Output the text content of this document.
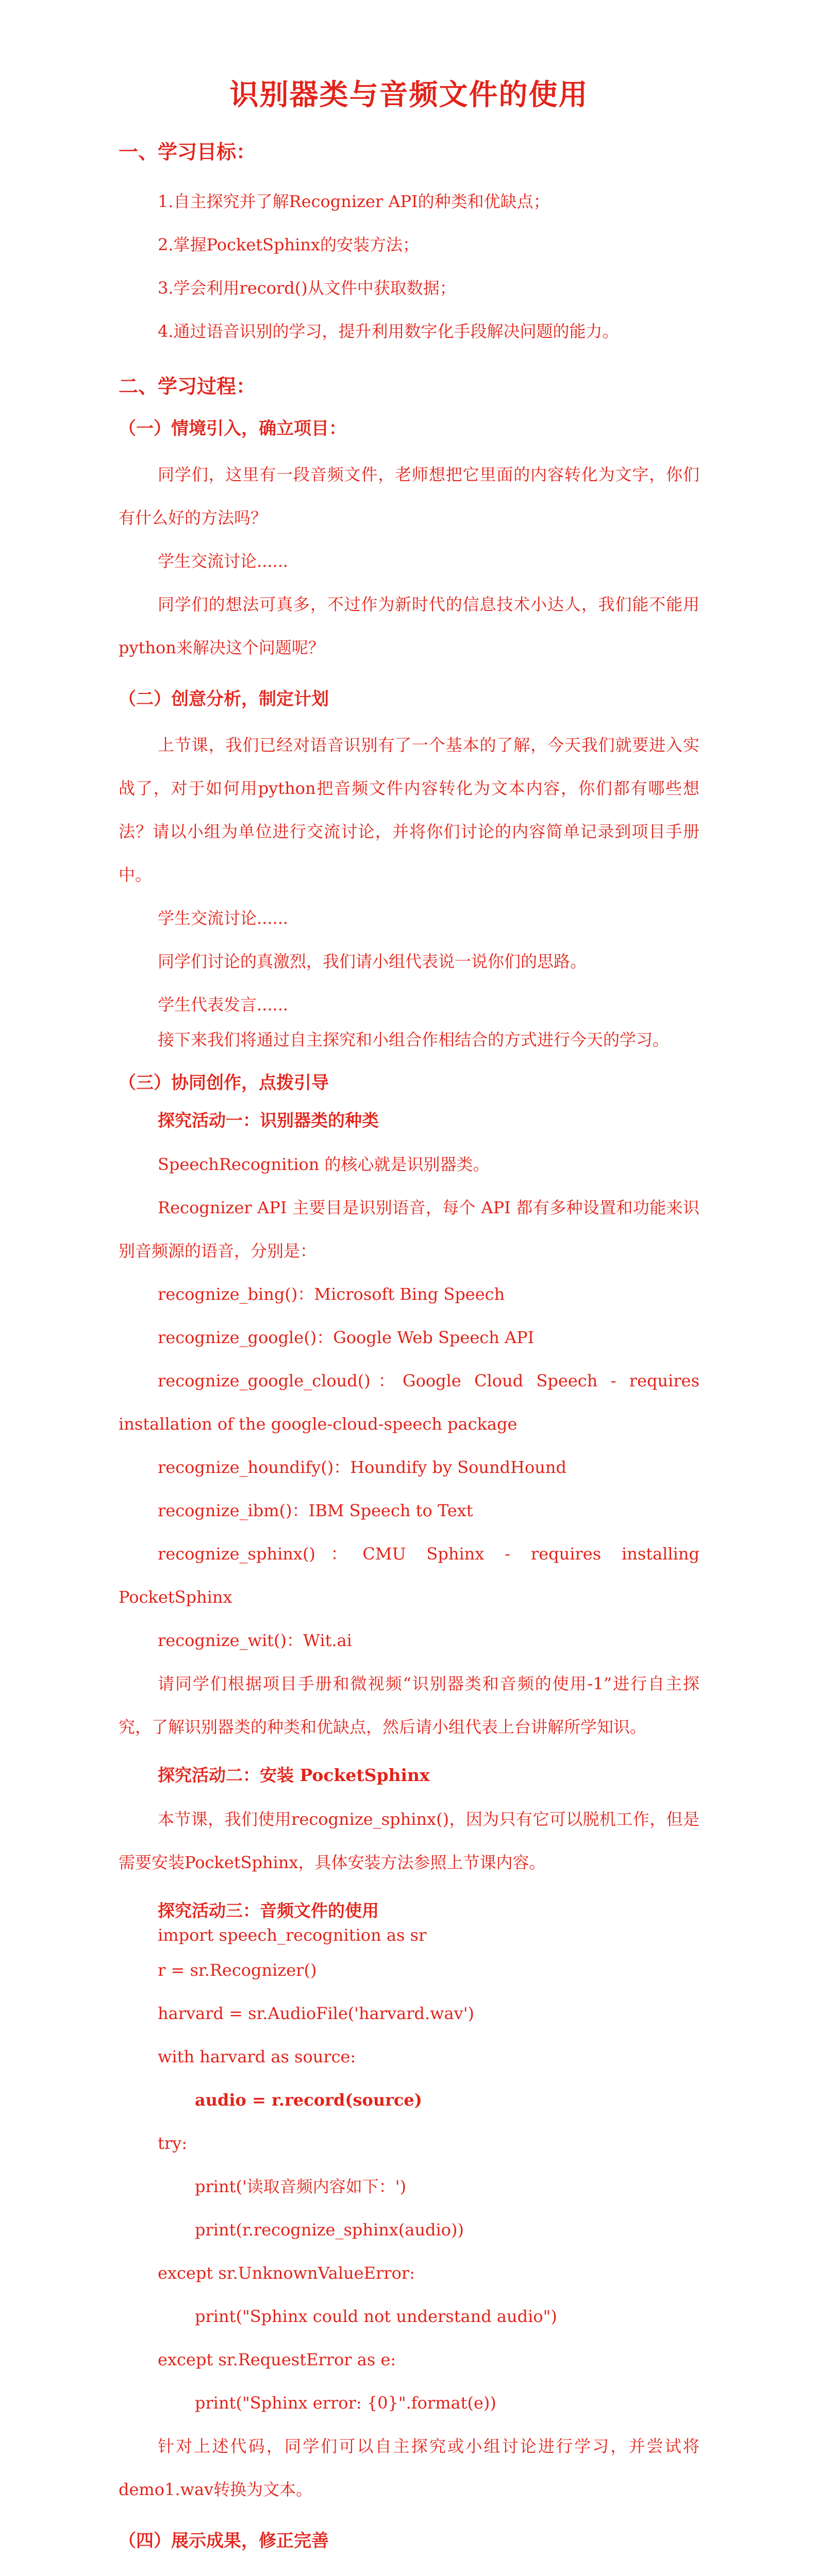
识别器类与音频文件的使用
一、学习目标：
1.自主探究并了解Recognizer API的种类和优缺点；
2.掌握PocketSphinx的安装方法；
3.学会利用record()从文件中获取数据；
4.通过语音识别的学习，提升利用数字化手段解决问题的能力。
二、学习过程：
（一）情境引入，确立项目：

同学们，这里有一段音频文件，老师想把它里面的内容转化为文字，你们有什么好的方法吗？

学生交流讨论......

同学们的想法可真多，不过作为新时代的信息技术小达人，我们能不能用python来解决这个问题呢？

（二）创意分析，制定计划

上节课，我们已经对语音识别有了一个基本的了解，今天我们就要进入实战了，对于如何用python把音频文件内容转化为文本内容，你们都有哪些想法？请以小组为单位进行交流讨论，并将你们讨论的内容简单记录到项目手册中。

学生交流讨论......

同学们讨论的真激烈，我们请小组代表说一说你们的思路。

学生代表发言......

接下来我们将通过自主探究和小组合作相结合的方式进行今天的学习。

（三）协同创作，点拨引导
探究活动一：识别器类的种类

SpeechRecognition 的核心就是识别器类。

Recognizer API 主要目是识别语音，每个 API 都有多种设置和功能来识别音频源的语音，分别是：

recognize_bing()：Microsoft Bing Speech

recognize_google()：Google Web Speech API

recognize_google_cloud()：Google Cloud Speech - requires installation of the google-cloud-speech package

recognize_houndify()：Houndify by SoundHound

recognize_ibm()：IBM Speech to Text

recognize_sphinx()：CMU Sphinx - requires installing PocketSphinx

recognize_wit()：Wit.ai

请同学们根据项目手册和微视频“识别器类和音频的使用-1”进行自主探究，了解识别器类的种类和优缺点，然后请小组代表上台讲解所学知识。

探究活动二：安装 PocketSphinx

本节课，我们使用recognize_sphinx()，因为只有它可以脱机工作，但是需要安装PocketSphinx，具体安装方法参照上节课内容。

探究活动三：音频文件的使用
import speech_recognition as sr
r = sr.Recognizer()
harvard = sr.AudioFile('harvard.wav')
with harvard as source:
audio = r.record(source)
try:
print('读取音频内容如下：')
print(r.recognize_sphinx(audio))
except sr.UnknownValueError:
print("Sphinx could not understand audio")
except sr.RequestError as e:
print("Sphinx error: {0}".format(e))

针对上述代码，同学们可以自主探究或小组讨论进行学习，并尝试将demo1.wav转换为文本。

（四）展示成果，修正完善
